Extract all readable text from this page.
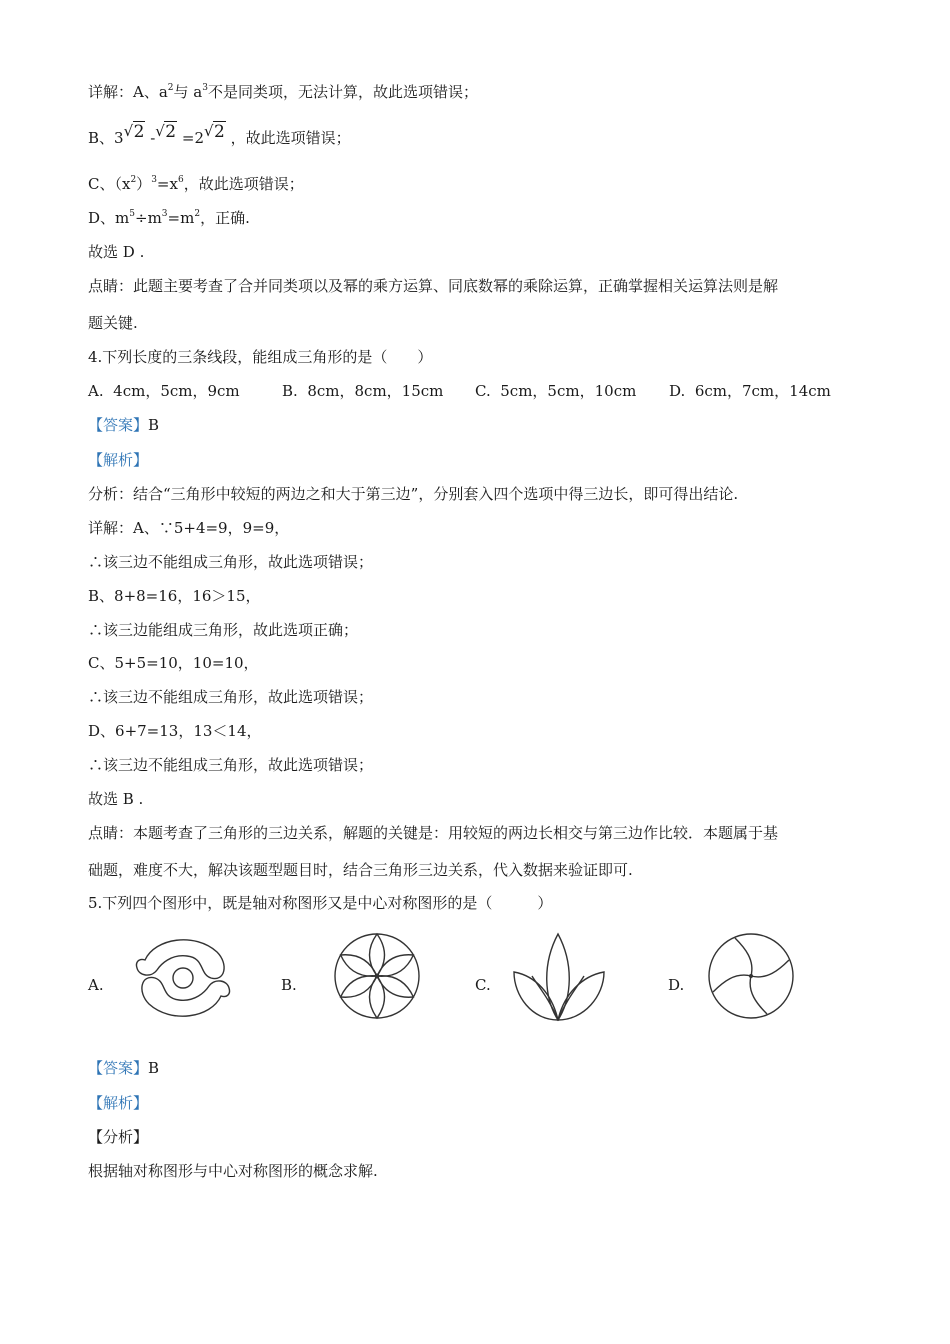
详解：A、$a^2$与 $a^3$不是同类项，无法计算，故此选项错误；
B、3 √ 2 - √ 2 =2 √ 2 ，故此选项错误；
C、$(x^2)^3=x^6$，故此选项错误；
D、$m^5\div m^3=m^2$，正确.
故选 D .
点睛：此题主要考查了合并同类项以及幂的乘方运算、同底数幂的乘除运算，正确掌握相关运算法则是解
题关键.
4.下列长度的三条线段，能组成三角形的是（　　）
A. 4cm，5cm，9cm	B. 8cm，8cm，15cm C. 5cm，5cm，10cm D. 6cm，7cm，14cm
【答案】B
【解析】
分析：结合“三角形中较短的两边之和大于第三边”，分别套入四个选项中得三边长，即可得出结论.
详解：A、∵5+4=9，9=9，
∴该三边不能组成三角形，故此选项错误；
B、8+8=16，16＞15，
∴该三边能组成三角形，故此选项正确；
C、5+5=10，10=10，
∴该三边不能组成三角形，故此选项错误；
D、6+7=13，13＜14，
∴该三边不能组成三角形，故此选项错误；
故选 B .
点睛：本题考查了三角形的三边关系，解题的关键是：用较短的两边长相交与第三边作比较．本题属于基
础题，难度不大，解决该题型题目时，结合三角形三边关系，代入数据来验证即可.
5.下列四个图形中，既是轴对称图形又是中心对称图形的是（　　　）
A.	B.	C.	D.
【答案】B
【解析】
【分析】
根据轴对称图形与中心对称图形的概念求解.
